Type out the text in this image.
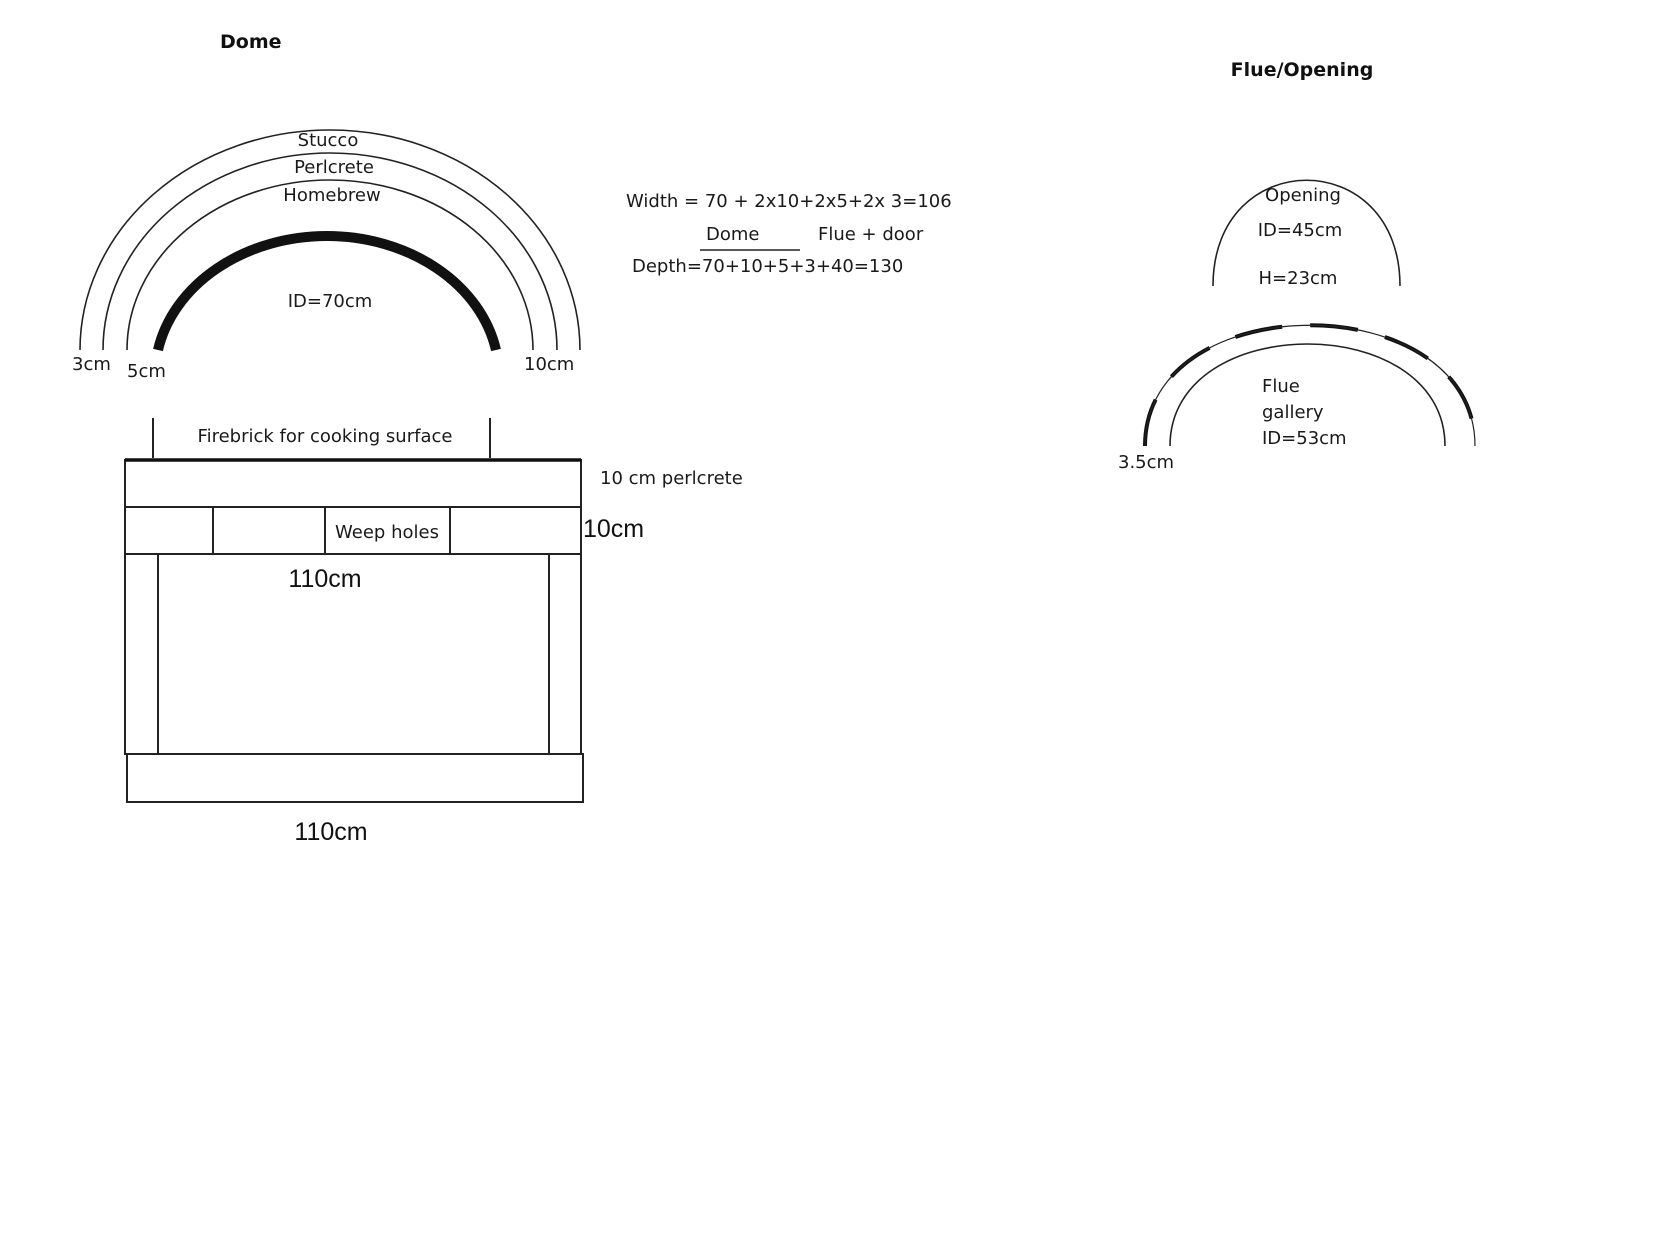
Dome
Stucco
Perlcrete
Homebrew
ID=70cm
3cm 5cm	10cm
Width = 70 + 2x10+2x5+2x 3=106
Dome	Flue + door
Depth=70+10+5+3+40=130
Firebrick for cooking surface
10 cm perlcrete
Weep holes	10cm
110cm
110cm
Flue/Opening
Opening
ID=45cm
H=23cm
Flue
gallery
ID=53cm
3.5cm
